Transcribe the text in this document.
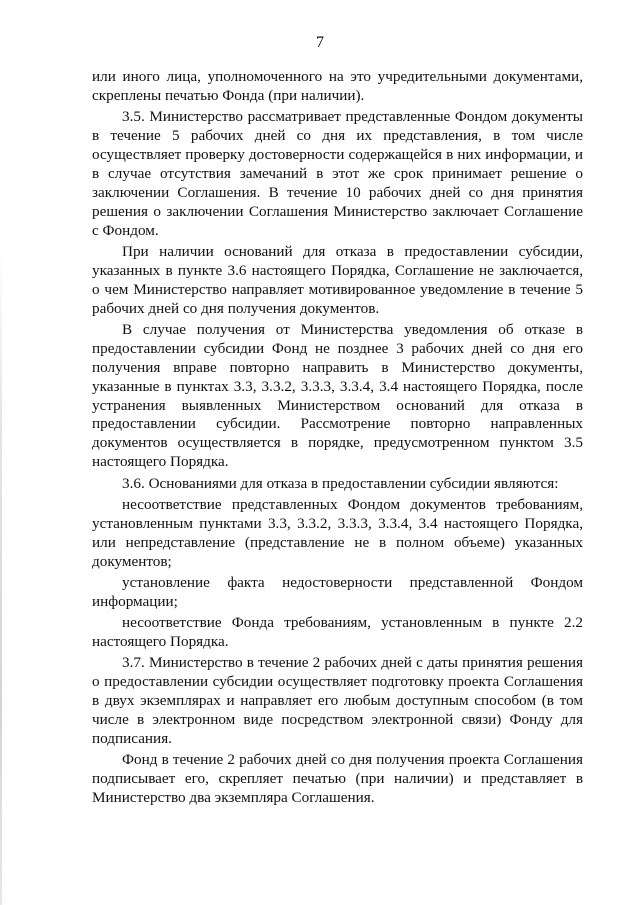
7

или иного лица, уполномоченного на это учредительными документами, скреплены печатью Фонда (при наличии).

3.5. Министерство рассматривает представленные Фондом документы в течение 5 рабочих дней со дня их представления, в том числе осуществляет проверку достоверности содержащейся в них информации, и в случае отсутствия замечаний в этот же срок принимает решение о заключении Соглашения. В течение 10 рабочих дней со дня принятия решения о заключении Соглашения Министерство заключает Соглашение с Фондом.

При наличии оснований для отказа в предоставлении субсидии, указанных в пункте 3.6 настоящего Порядка, Соглашение не заключается, о чем Министерство направляет мотивированное уведомление в течение 5 рабочих дней со дня получения документов.

В случае получения от Министерства уведомления об отказе в предоставлении субсидии Фонд не позднее 3 рабочих дней со дня его получения вправе повторно направить в Министерство документы, указанные в пунктах 3.3, 3.3.2, 3.3.3, 3.3.4, 3.4 настоящего Порядка, после устранения выявленных Министерством оснований для отказа в предоставлении субсидии. Рассмотрение повторно направленных документов осуществляется в порядке, предусмотренном пунктом 3.5 настоящего Порядка.

3.6. Основаниями для отказа в предоставлении субсидии являются:

несоответствие представленных Фондом документов требованиям, установленным пунктами 3.3, 3.3.2, 3.3.3, 3.3.4, 3.4 настоящего Порядка, или непредставление (представление не в полном объеме) указанных документов;

установление факта недостоверности представленной Фондом информации;

несоответствие Фонда требованиям, установленным в пункте 2.2 настоящего Порядка.

3.7. Министерство в течение 2 рабочих дней с даты принятия решения о предоставлении субсидии осуществляет подготовку проекта Соглашения в двух экземплярах и направляет его любым доступным способом (в том числе в электронном виде посредством электронной связи) Фонду для подписания.

Фонд в течение 2 рабочих дней со дня получения проекта Соглашения подписывает его, скрепляет печатью (при наличии) и представляет в Министерство два экземпляра Соглашения.
